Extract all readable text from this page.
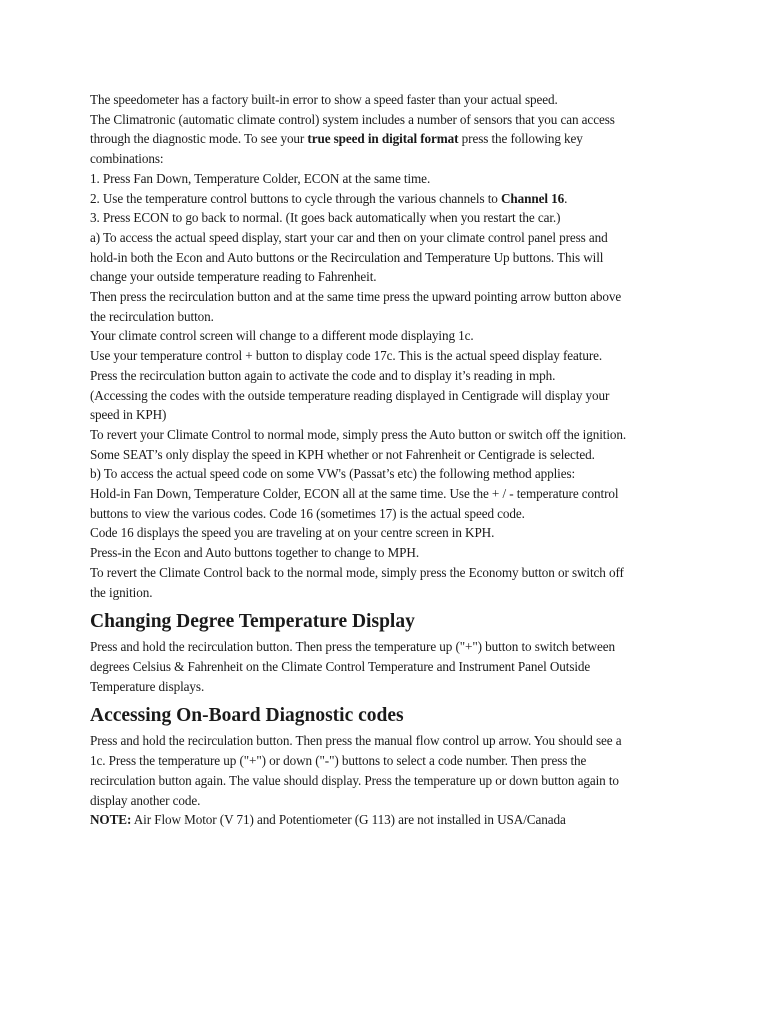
The speedometer has a factory built-in error to show a speed faster than your actual speed.

The Climatronic (automatic climate control) system includes a number of sensors that you can access through the diagnostic mode. To see your true speed in digital format press the following key combinations:

1. Press Fan Down, Temperature Colder, ECON at the same time.

2. Use the temperature control buttons to cycle through the various channels to Channel 16.

3. Press ECON to go back to normal. (It goes back automatically when you restart the car.)

a) To access the actual speed display, start your car and then on your climate control panel press and hold-in both the Econ and Auto buttons or the Recirculation and Temperature Up buttons. This will change your outside temperature reading to Fahrenheit.

Then press the recirculation button and at the same time press the upward pointing arrow button above the recirculation button.

Your climate control screen will change to a different mode displaying 1c.

Use your temperature control + button to display code 17c. This is the actual speed display feature.

Press the recirculation button again to activate the code and to display it’s reading in mph.

(Accessing the codes with the outside temperature reading displayed in Centigrade will display your speed in KPH)

To revert your Climate Control to normal mode, simply press the Auto button or switch off the ignition.

Some SEAT’s only display the speed in KPH whether or not Fahrenheit or Centigrade is selected.

b) To access the actual speed code on some VW's (Passat’s etc) the following method applies:

Hold-in Fan Down, Temperature Colder, ECON all at the same time. Use the + / - temperature control buttons to view the various codes. Code 16 (sometimes 17) is the actual speed code.

Code 16 displays the speed you are traveling at on your centre screen in KPH.

Press-in the Econ and Auto buttons together to change to MPH.

To revert the Climate Control back to the normal mode, simply press the Economy button or switch off the ignition.

Changing Degree Temperature Display

Press and hold the recirculation button. Then press the temperature up ("+") button to switch between degrees Celsius & Fahrenheit on the Climate Control Temperature and Instrument Panel Outside Temperature displays.

Accessing On-Board Diagnostic codes

Press and hold the recirculation button. Then press the manual flow control up arrow. You should see a 1c. Press the temperature up ("+") or down ("-") buttons to select a code number. Then press the recirculation button again. The value should display. Press the temperature up or down button again to display another code.

NOTE: Air Flow Motor (V 71) and Potentiometer (G 113) are not installed in USA/Canada
